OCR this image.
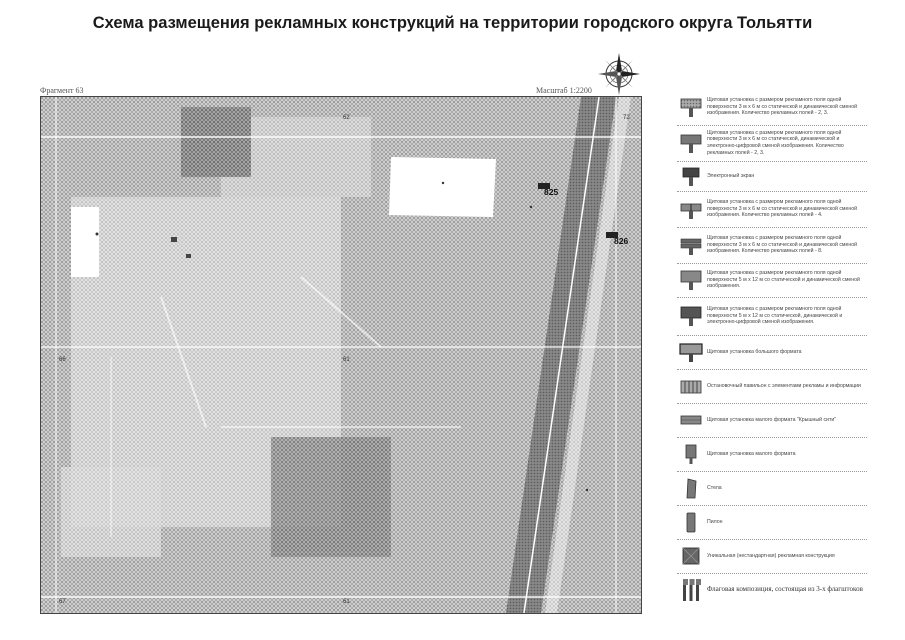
Схема размещения рекламных конструкций на территории городского округа Тольятти
Фрагмент 63	Масштаб 1:2200
62	72
66	61
67	61
825
826
Щитовая установка с размером рекламного поля одной поверхности 3 м х 6 м со статической и динамической сменой изображения. Количество рекламных полей - 2, 3.
Щитовая установка с размером рекламного поля одной поверхности 3 м х 6 м со статической, динамической и электронно-цифровой сменой изображения. Количество рекламных полей - 2, 3.
Электронный экран
Щитовая установка с размером рекламного поля одной поверхности 3 м х 6 м со статической и динамической сменой изображения. Количество рекламных полей - 4.
Щитовая установка с размером рекламного поля одной поверхности 3 м х 6 м со статической и динамической сменой изображения. Количество рекламных полей - 8.
Щитовая установка с размером рекламного поля одной поверхности 5 м х 12 м со статической и динамической сменой изображения.
Щитовая установка с размером рекламного поля одной поверхности 5 м х 12 м со статической, динамической и электронно-цифровой сменой изображения.
Щитовая установка большого формата
Остановочный павильон с элементами рекламы и информации
Щитовая установка малого формата "Крышный сити"
Щитовая установка малого формата
Стела
Пилон
Уникальная (нестандартная) рекламная конструкция
Флаговая композиция, состоящая из 3-х флагштоков
